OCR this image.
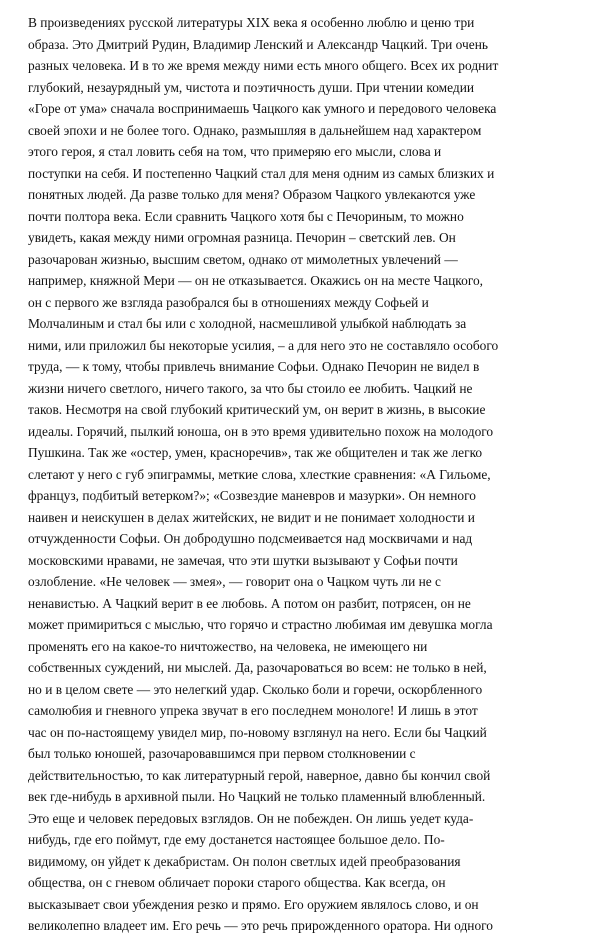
В произведениях русской литературы XIX века я особенно люблю и ценю три
образа. Это Дмитрий Рудин, Владимир Ленский и Александр Чацкий. Три очень
разных человека. И в то же время между ними есть много общего. Всех их роднит
глубокий, незаурядный ум, чистота и поэтичность души. При чтении комедии
«Горе от ума» сначала воспринимаешь Чацкого как умного и передового человека
своей эпохи и не более того. Однако, размышляя в дальнейшем над характером
этого героя, я стал ловить себя на том, что примеряю его мысли, слова и
поступки на себя. И постепенно Чацкий стал для меня одним из самых близких и
понятных людей. Да разве только для меня? Образом Чацкого увлекаются уже
почти полтора века. Если сравнить Чацкого хотя бы с Печориным, то можно
увидеть, какая между ними огромная разница. Печорин – светский лев. Он
разочарован жизнью, высшим светом, однако от мимолетных увлечений —
например, княжной Мери — он не отказывается. Окажись он на месте Чацкого,
он с первого же взгляда разобрался бы в отношениях между Софьей и
Молчалиным и стал бы или с холодной, насмешливой улыбкой наблюдать за
ними, или приложил бы некоторые усилия, – а для него это не составляло особого
труда, — к тому, чтобы привлечь внимание Софьи. Однако Печорин не видел в
жизни ничего светлого, ничего такого, за что бы стоило ее любить. Чацкий не
таков. Несмотря на свой глубокий критический ум, он верит в жизнь, в высокие
идеалы. Горячий, пылкий юноша, он в это время удивительно похож на молодого
Пушкина. Так же «остер, умен, красноречив», так же общителен и так же легко
слетают у него с губ эпиграммы, меткие слова, хлесткие сравнения: «А Гильоме,
француз, подбитый ветерком?»; «Созвездие маневров и мазурки». Он немного
наивен и неискушен в делах житейских, не видит и не понимает холодности и
отчужденности Софьи. Он добродушно подсмеивается над москвичами и над
московскими нравами, не замечая, что эти шутки вызывают у Софьи почти
озлобление. «Не человек — змея», — говорит она о Чацком чуть ли не с
ненавистью. А Чацкий верит в ее любовь. А потом он разбит, потрясен, он не
может примириться с мыслью, что горячо и страстно любимая им девушка могла
променять его на какое-то ничтожество, на человека, не имеющего ни
собственных суждений, ни мыслей. Да, разочароваться во всем: не только в ней,
но и в целом свете — это нелегкий удар. Сколько боли и горечи, оскорбленного
самолюбия и гневного упрека звучат в его последнем монологе! И лишь в этот
час он по-настоящему увидел мир, по-новому взглянул на него. Если бы Чацкий
был только юношей, разочаровавшимся при первом столкновении с
действительностью, то как литературный герой, наверное, давно бы кончил свой
век где-нибудь в архивной пыли. Но Чацкий не только пламенный влюбленный.
Это еще и человек передовых взглядов. Он не побежден. Он лишь уедет куда-
нибудь, где его поймут, где ему достанется настоящее большое дело. По-
видимому, он уйдет к декабристам. Он полон светлых идей преобразования
общества, он с гневом обличает пороки старого общества. Как всегда, он
высказывает свои убеждения резко и прямо. Его оружием являлось слово, и он
великолепно владеет им. Его речь — это речь прирожденного оратора. Ни одного
